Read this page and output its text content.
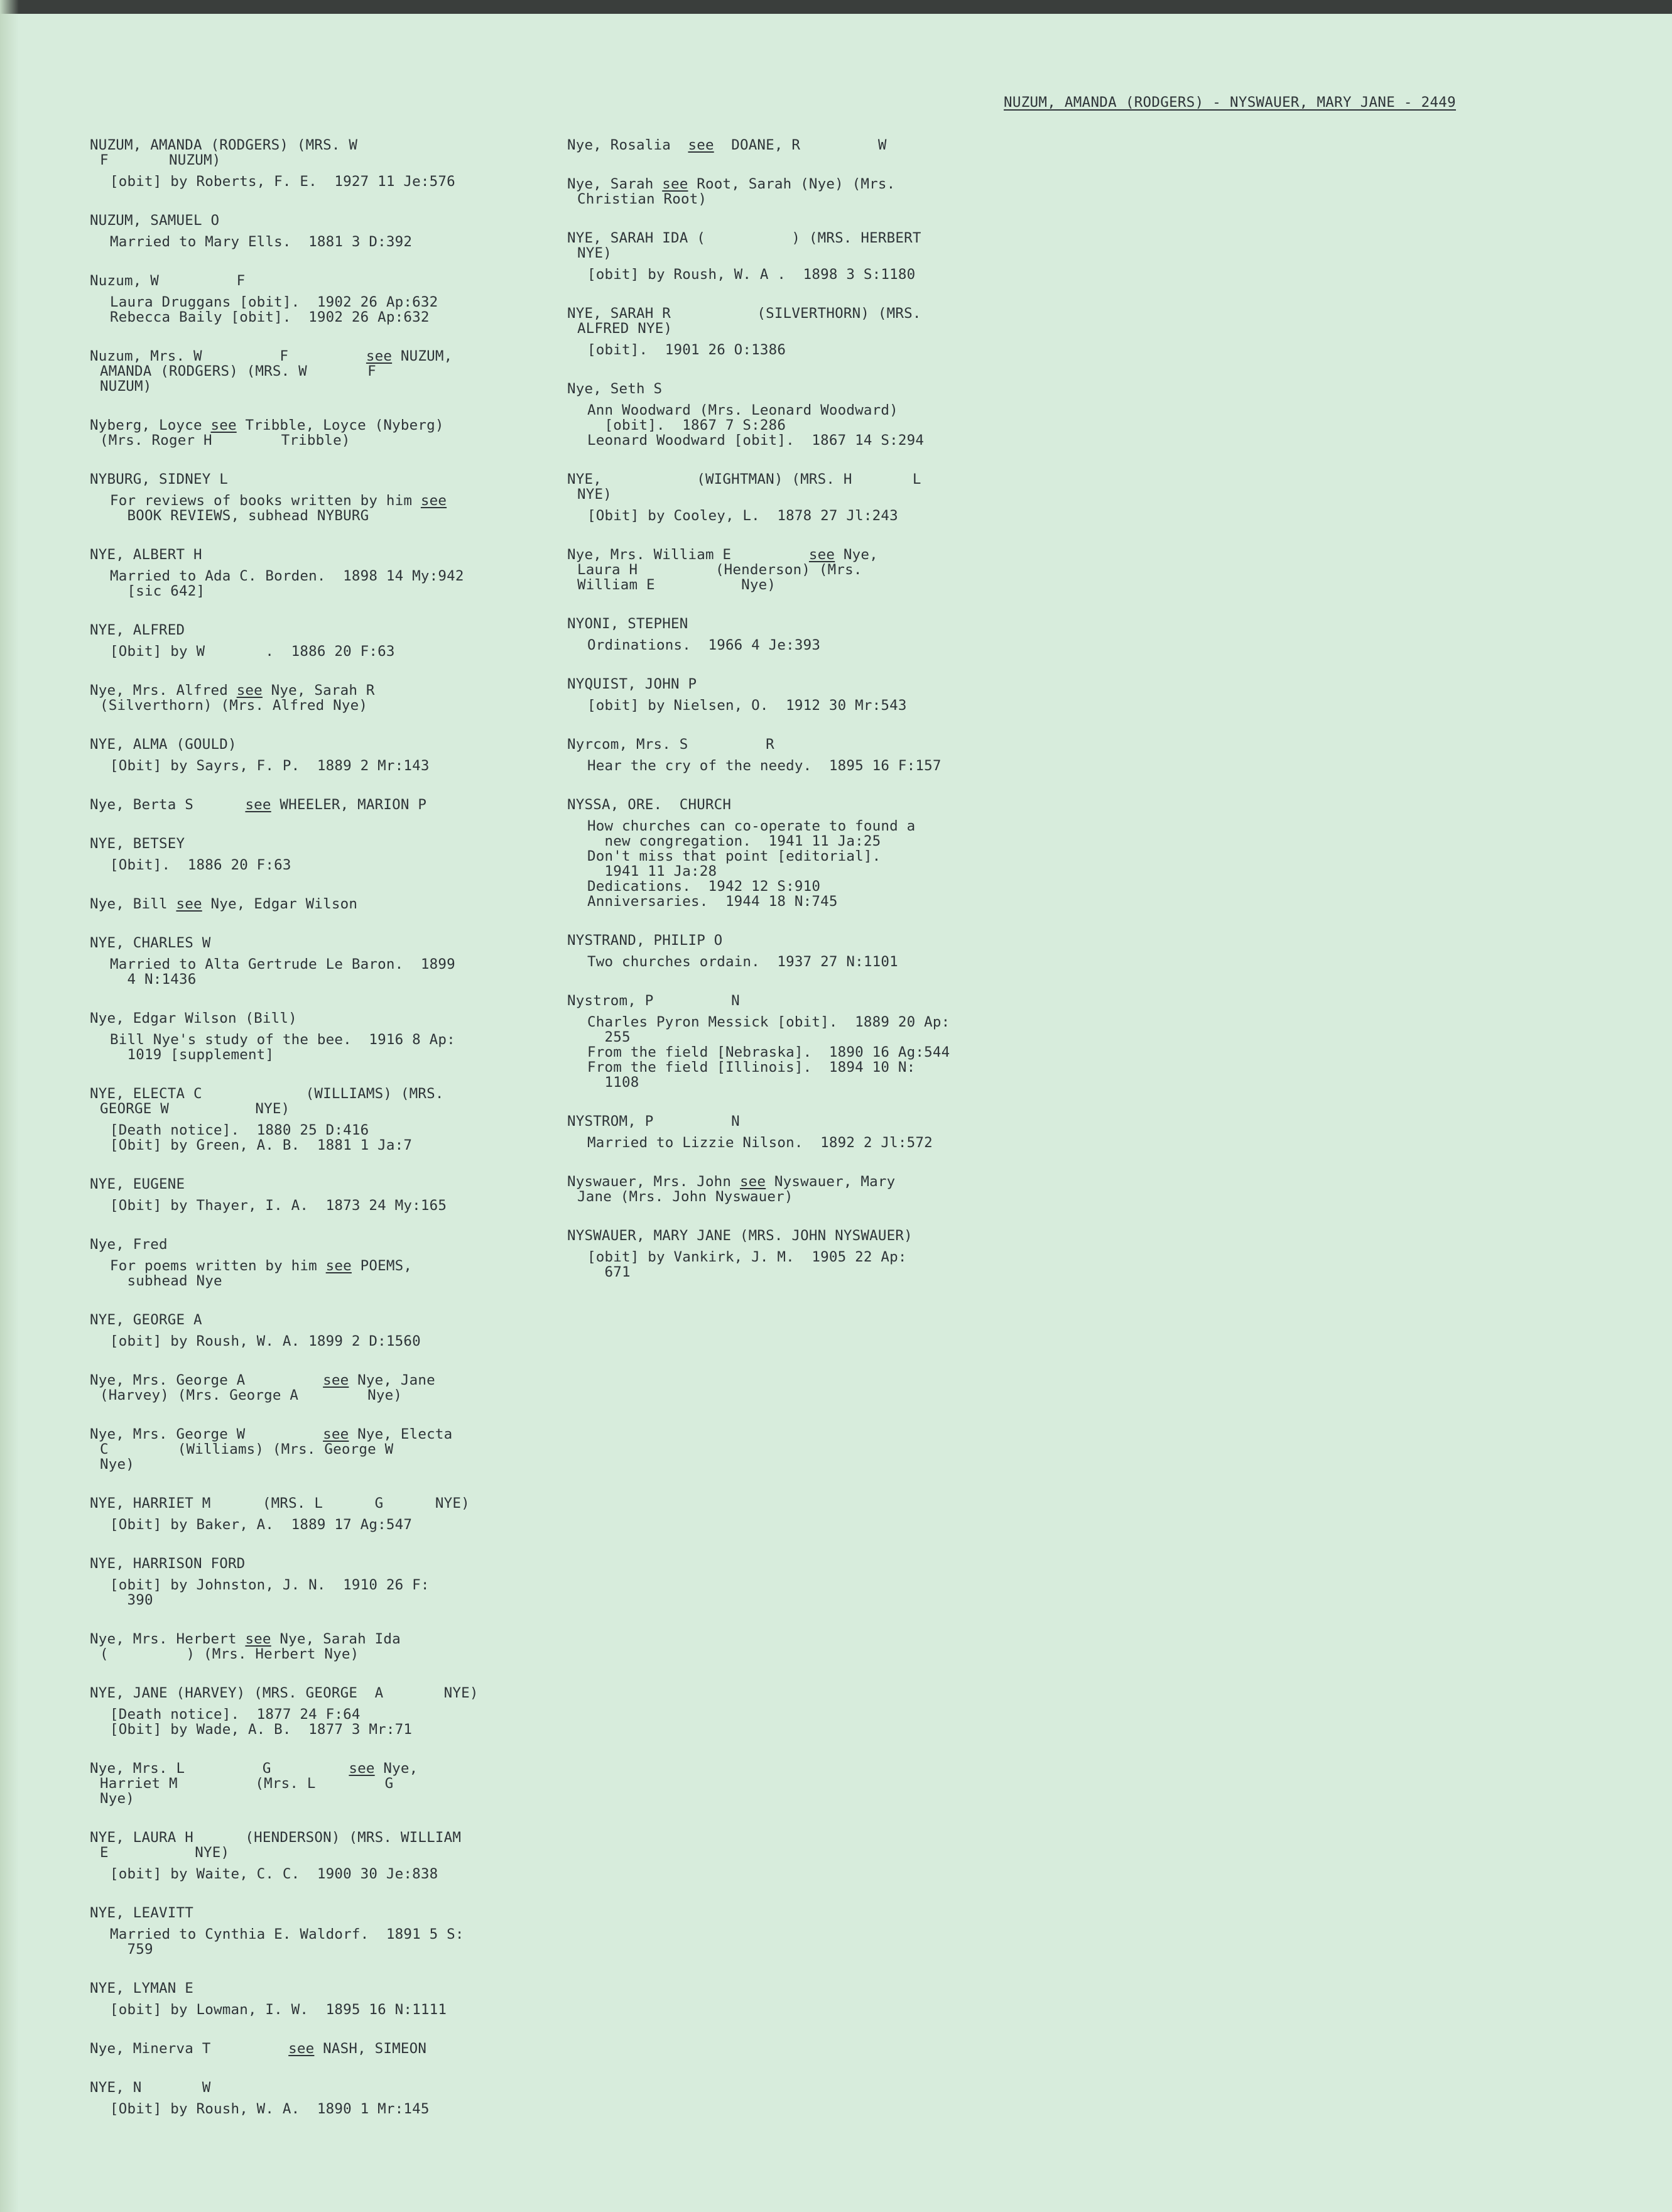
NUZUM, AMANDA (RODGERS) - NYSWAUER, MARY JANE - 2449
NUZUM, AMANDA (RODGERS) (MRS. W
F       NUZUM)
[obit] by Roberts, F. E.  1927 11 Je:576
NUZUM, SAMUEL O
Married to Mary Ells.  1881 3 D:392
Nuzum, W         F
Laura Druggans [obit].  1902 26 Ap:632
Rebecca Baily [obit].  1902 26 Ap:632
Nuzum, Mrs. W         F         see NUZUM,
AMANDA (RODGERS) (MRS. W       F
NUZUM)
Nyberg, Loyce see Tribble, Loyce (Nyberg)
(Mrs. Roger H        Tribble)
NYBURG, SIDNEY L
For reviews of books written by him see
BOOK REVIEWS, subhead NYBURG
NYE, ALBERT H
Married to Ada C. Borden.  1898 14 My:942
[sic 642]
NYE, ALFRED
[Obit] by W       .  1886 20 F:63
Nye, Mrs. Alfred see Nye, Sarah R
(Silverthorn) (Mrs. Alfred Nye)
NYE, ALMA (GOULD)
[Obit] by Sayrs, F. P.  1889 2 Mr:143
Nye, Berta S      see WHEELER, MARION P
NYE, BETSEY
[Obit].  1886 20 F:63
Nye, Bill see Nye, Edgar Wilson
NYE, CHARLES W
Married to Alta Gertrude Le Baron.  1899
4 N:1436
Nye, Edgar Wilson (Bill)
Bill Nye's study of the bee.  1916 8 Ap:
1019 [supplement]
NYE, ELECTA C            (WILLIAMS) (MRS.
GEORGE W          NYE)
[Death notice].  1880 25 D:416
[Obit] by Green, A. B.  1881 1 Ja:7
NYE, EUGENE
[Obit] by Thayer, I. A.  1873 24 My:165
Nye, Fred
For poems written by him see POEMS,
subhead Nye
NYE, GEORGE A
[obit] by Roush, W. A. 1899 2 D:1560
Nye, Mrs. George A         see Nye, Jane
(Harvey) (Mrs. George A        Nye)
Nye, Mrs. George W         see Nye, Electa
C        (Williams) (Mrs. George W
Nye)
NYE, HARRIET M      (MRS. L      G      NYE)
[Obit] by Baker, A.  1889 17 Ag:547
NYE, HARRISON FORD
[obit] by Johnston, J. N.  1910 26 F:
390
Nye, Mrs. Herbert see Nye, Sarah Ida
(         ) (Mrs. Herbert Nye)
NYE, JANE (HARVEY) (MRS. GEORGE  A       NYE)
[Death notice].  1877 24 F:64
[Obit] by Wade, A. B.  1877 3 Mr:71
Nye, Mrs. L         G         see Nye,
Harriet M         (Mrs. L        G
Nye)
NYE, LAURA H      (HENDERSON) (MRS. WILLIAM
E          NYE)
[obit] by Waite, C. C.  1900 30 Je:838
NYE, LEAVITT
Married to Cynthia E. Waldorf.  1891 5 S:
759
NYE, LYMAN E
[obit] by Lowman, I. W.  1895 16 N:1111
Nye, Minerva T         see NASH, SIMEON
NYE, N       W
[Obit] by Roush, W. A.  1890 1 Mr:145
Nye, Rosalia  see  DOANE, R         W
Nye, Sarah see Root, Sarah (Nye) (Mrs.
Christian Root)
NYE, SARAH IDA (          ) (MRS. HERBERT
NYE)
[obit] by Roush, W. A .  1898 3 S:1180
NYE, SARAH R          (SILVERTHORN) (MRS.
ALFRED NYE)
[obit].  1901 26 O:1386
Nye, Seth S
Ann Woodward (Mrs. Leonard Woodward)
[obit].  1867 7 S:286
Leonard Woodward [obit].  1867 14 S:294
NYE,           (WIGHTMAN) (MRS. H       L
NYE)
[Obit] by Cooley, L.  1878 27 Jl:243
Nye, Mrs. William E         see Nye,
Laura H         (Henderson) (Mrs.
William E          Nye)
NYONI, STEPHEN
Ordinations.  1966 4 Je:393
NYQUIST, JOHN P
[obit] by Nielsen, O.  1912 30 Mr:543
Nyrcom, Mrs. S         R
Hear the cry of the needy.  1895 16 F:157
NYSSA, ORE.  CHURCH
How churches can co-operate to found a
new congregation.  1941 11 Ja:25
Don't miss that point [editorial].
1941 11 Ja:28
Dedications.  1942 12 S:910
Anniversaries.  1944 18 N:745
NYSTRAND, PHILIP O
Two churches ordain.  1937 27 N:1101
Nystrom, P         N
Charles Pyron Messick [obit].  1889 20 Ap:
255
From the field [Nebraska].  1890 16 Ag:544
From the field [Illinois].  1894 10 N:
1108
NYSTROM, P         N
Married to Lizzie Nilson.  1892 2 Jl:572
Nyswauer, Mrs. John see Nyswauer, Mary
Jane (Mrs. John Nyswauer)
NYSWAUER, MARY JANE (MRS. JOHN NYSWAUER)
[obit] by Vankirk, J. M.  1905 22 Ap:
671
